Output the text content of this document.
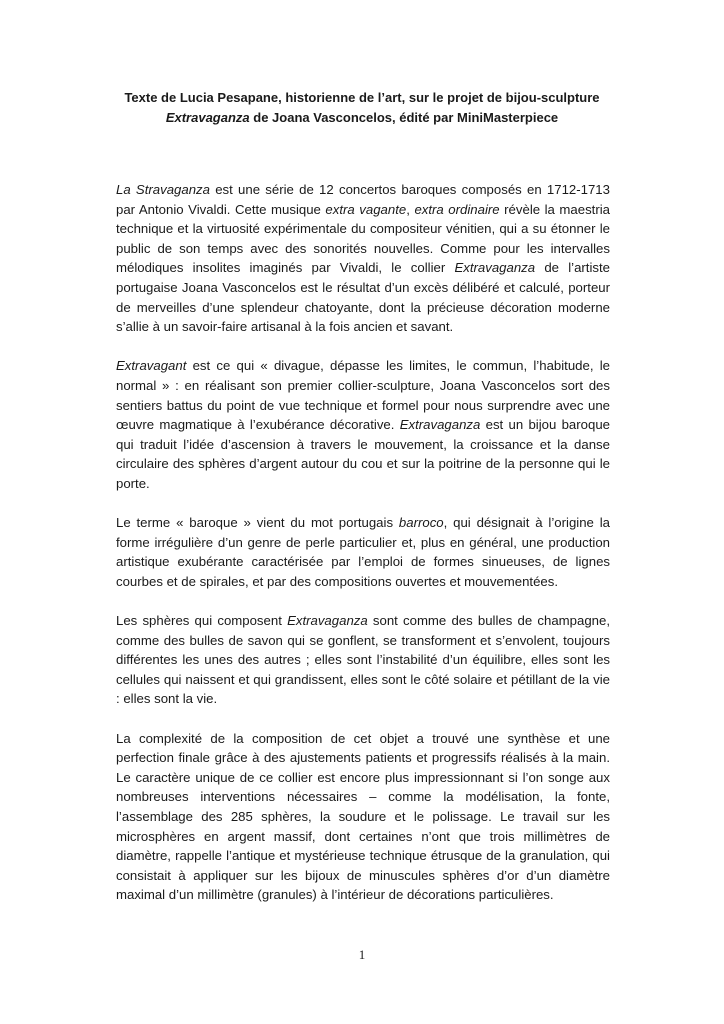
Texte de Lucia Pesapane, historienne de l’art, sur le projet de bijou-sculpture
Extravaganza de Joana Vasconcelos, édité par MiniMasterpiece

La Stravaganza est une série de 12 concertos baroques composés en 1712-1713 par Antonio Vivaldi. Cette musique extra vagante, extra ordinaire révèle la maestria technique et la virtuosité expérimentale du compositeur vénitien, qui a su étonner le public de son temps avec des sonorités nouvelles. Comme pour les intervalles mélodiques insolites imaginés par Vivaldi, le collier Extravaganza de l’artiste portugaise Joana Vasconcelos est le résultat d’un excès délibéré et calculé, porteur de merveilles d’une splendeur chatoyante, dont la précieuse décoration moderne s’allie à un savoir-faire artisanal à la fois ancien et savant.

Extravagant est ce qui « divague, dépasse les limites, le commun, l’habitude, le normal » : en réalisant son premier collier-sculpture, Joana Vasconcelos sort des sentiers battus du point de vue technique et formel pour nous surprendre avec une œuvre magmatique à l’exubérance décorative. Extravaganza est un bijou baroque qui traduit l’idée d’ascension à travers le mouvement, la croissance et la danse circulaire des sphères d’argent autour du cou et sur la poitrine de la personne qui le porte.

Le terme « baroque » vient du mot portugais barroco, qui désignait à l’origine la forme irrégulière d’un genre de perle particulier et, plus en général, une production artistique exubérante caractérisée par l’emploi de formes sinueuses, de lignes courbes et de spirales, et par des compositions ouvertes et mouvementées.

Les sphères qui composent Extravaganza sont comme des bulles de champagne, comme des bulles de savon qui se gonflent, se transforment et s’envolent, toujours différentes les unes des autres ; elles sont l’instabilité d’un équilibre, elles sont les cellules qui naissent et qui grandissent, elles sont le côté solaire et pétillant de la vie : elles sont la vie.

La complexité de la composition de cet objet a trouvé une synthèse et une perfection finale grâce à des ajustements patients et progressifs réalisés à la main. Le caractère unique de ce collier est encore plus impressionnant si l’on songe aux nombreuses interventions nécessaires – comme la modélisation, la fonte, l’assemblage des 285 sphères, la soudure et le polissage. Le travail sur les microsphères en argent massif, dont certaines n’ont que trois millimètres de diamètre, rappelle l’antique et mystérieuse technique étrusque de la granulation, qui consistait à appliquer sur les bijoux de minuscules sphères d’or d’un diamètre maximal d’un millimètre (granules) à l’intérieur de décorations particulières.

1
